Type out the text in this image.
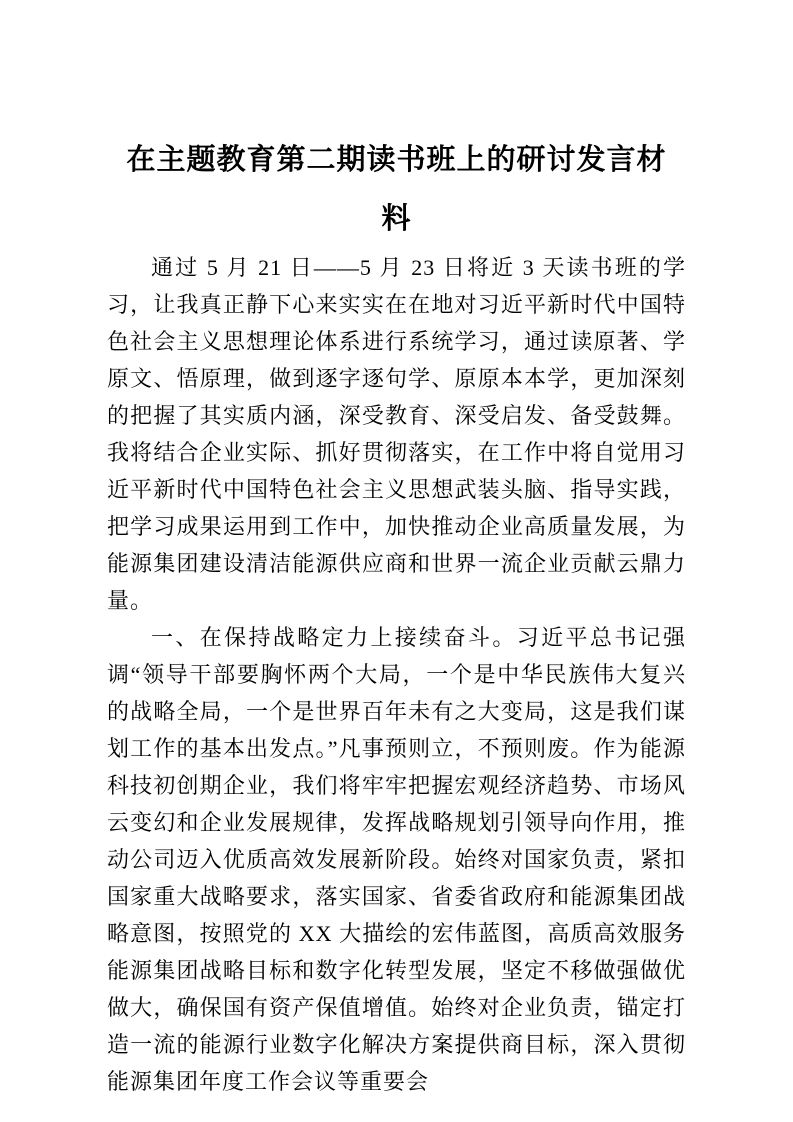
在主题教育第二期读书班上的研讨发言材料

通过 5 月 21 日——5 月 23 日将近 3 天读书班的学习，让我真正静下心来实实在在地对习近平新时代中国特色社会主义思想理论体系进行系统学习，通过读原著、学原文、悟原理，做到逐字逐句学、原原本本学，更加深刻的把握了其实质内涵，深受教育、深受启发、备受鼓舞。我将结合企业实际、抓好贯彻落实，在工作中将自觉用习近平新时代中国特色社会主义思想武装头脑、指导实践，把学习成果运用到工作中，加快推动企业高质量发展，为能源集团建设清洁能源供应商和世界一流企业贡献云鼎力量。

一、在保持战略定力上接续奋斗。习近平总书记强调“领导干部要胸怀两个大局，一个是中华民族伟大复兴的战略全局，一个是世界百年未有之大变局，这是我们谋划工作的基本出发点。”凡事预则立，不预则废。作为能源科技初创期企业，我们将牢牢把握宏观经济趋势、市场风云变幻和企业发展规律，发挥战略规划引领导向作用，推动公司迈入优质高效发展新阶段。始终对国家负责，紧扣国家重大战略要求，落实国家、省委省政府和能源集团战略意图，按照党的 XX 大描绘的宏伟蓝图，高质高效服务能源集团战略目标和数字化转型发展，坚定不移做强做优做大，确保国有资产保值增值。始终对企业负责，锚定打造一流的能源行业数字化解决方案提供商目标，深入贯彻能源集团年度工作会议等重要会
